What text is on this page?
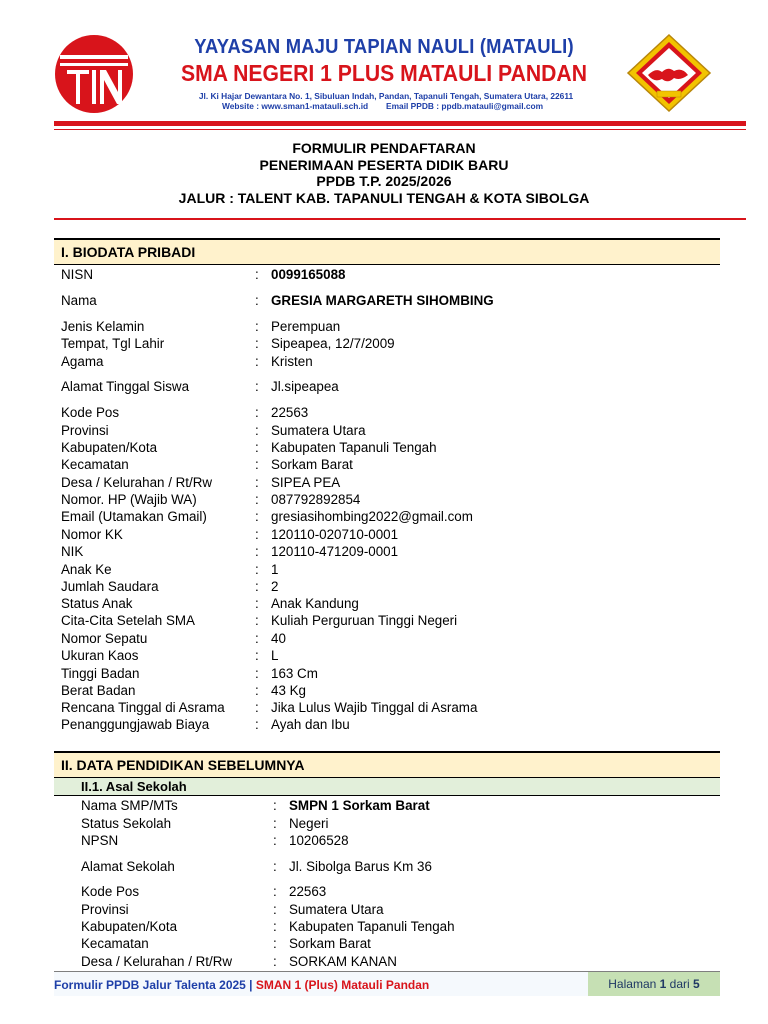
YAYASAN MAJU TAPIAN NAULI (MATAULI)
SMA NEGERI 1 PLUS MATAULI PANDAN
Jl. Ki Hajar Dewantara No. 1, Sibuluan Indah, Pandan, Tapanuli Tengah, Sumatera Utara, 22611
Website : www.sman1-matauli.sch.id Email PPDB : ppdb.matauli@gmail.com
FORMULIR PENDAFTARAN
PENERIMAAN PESERTA DIDIK BARU
PPDB T.P. 2025/2026
JALUR : TALENT KAB. TAPANULI TENGAH & KOTA SIBOLGA
I. BIODATA PRIBADI
NISN	: 0099165088
Nama	: GRESIA MARGARETH SIHOMBING
Jenis Kelamin	: Perempuan
Tempat, Tgl Lahir	: Sipeapea, 12/7/2009
Agama	: Kristen
Alamat Tinggal Siswa	: Jl.sipeapea
Kode Pos	: 22563
Provinsi	: Sumatera Utara
Kabupaten/Kota	: Kabupaten Tapanuli Tengah
Kecamatan	: Sorkam Barat
Desa / Kelurahan / Rt/Rw	: SIPEA PEA
Nomor. HP (Wajib WA)	: 087792892854
Email (Utamakan Gmail)	: gresiasihombing2022@gmail.com
Nomor KK	: 120110-020710-0001
NIK	: 120110-471209-0001
Anak Ke	: 1
Jumlah Saudara	: 2
Status Anak	: Anak Kandung
Cita-Cita Setelah SMA	: Kuliah Perguruan Tinggi Negeri
Nomor Sepatu	: 40
Ukuran Kaos	: L
Tinggi Badan	: 163 Cm
Berat Badan	: 43 Kg
Rencana Tinggal di Asrama : Jika Lulus Wajib Tinggal di Asrama
Penanggungjawab Biaya	: Ayah dan Ibu
II. DATA PENDIDIKAN SEBELUMNYA
II.1. Asal Sekolah
Nama SMP/MTs	: SMPN 1 Sorkam Barat
Status Sekolah	: Negeri
NPSN	: 10206528
Alamat Sekolah	: Jl. Sibolga Barus Km 36
Kode Pos	: 22563
Provinsi	: Sumatera Utara
Kabupaten/Kota	: Kabupaten Tapanuli Tengah
Kecamatan	: Sorkam Barat
Desa / Kelurahan / Rt/Rw	: SORKAM KANAN
Formulir PPDB Jalur Talenta 2025 | SMAN 1 (Plus) Matauli Pandan	Halaman 1 dari 5
